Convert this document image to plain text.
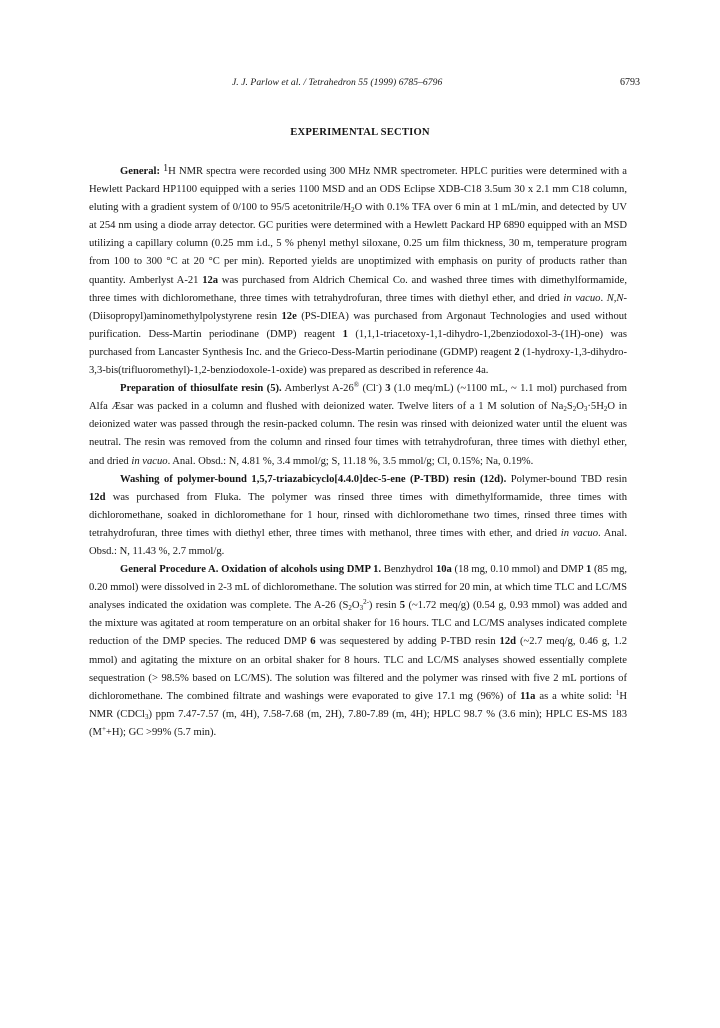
J. J. Parlow et al. / Tetrahedron 55 (1999) 6785–6796	6793
EXPERIMENTAL SECTION

General: $^1$H NMR spectra were recorded using 300 MHz NMR spectrometer. HPLC purities were determined with a Hewlett Packard HP1100 equipped with a series 1100 MSD and an ODS Eclipse XDB-C18 3.5um 30 x 2.1 mm C18 column, eluting with a gradient system of 0/100 to 95/5 acetonitrile/$H_2O$ with 0.1% TFA over 6 min at 1 mL/min, and detected by UV at 254 nm using a diode array detector. GC purities were determined with a Hewlett Packard HP 6890 equipped with an MSD utilizing a capillary column (0.25 mm i.d., 5 % phenyl methyl siloxane, 0.25 um film thickness, 30 m, temperature program from 100 to 300 °C at 20 °C per min). Reported yields are unoptimized with emphasis on purity of products rather than quantity. Amberlyst A-21 12a was purchased from Aldrich Chemical Co. and washed three times with dimethylformamide, three times with dichloromethane, three times with tetrahydrofuran, three times with diethyl ether, and dried in vacuo. N,N-(Diisopropyl)aminomethylpolystyrene resin 12e (PS-DIEA) was purchased from Argonaut Technologies and used without purification. Dess-Martin periodinane (DMP) reagent 1 (1,1,1-triacetoxy-1,1-dihydro-1,2benziodoxol-3-(1H)-one) was purchased from Lancaster Synthesis Inc. and the Grieco-Dess-Martin periodinane (GDMP) reagent 2 (1-hydroxy-1,3-dihydro-3,3-bis(trifluoromethyl)-1,2-benziodoxole-1-oxide) was prepared as described in reference 4a.

Preparation of thiosulfate resin (5). Amberlyst A-26® (Cl-) 3 (1.0 meq/mL) (~1100 mL, ~ 1.1 mol) purchased from Alfa Æsar was packed in a column and flushed with deionized water. Twelve liters of a 1 M solution of $Na_2S_2O_3\cdot 5H_2O$ in deionized water was passed through the resin-packed column. The resin was rinsed with deionized water until the eluent was neutral. The resin was removed from the column and rinsed four times with tetrahydrofuran, three times with diethyl ether, and dried in vacuo. Anal. Obsd.: N, 4.81 %, 3.4 mmol/g; S, 11.18 %, 3.5 mmol/g; Cl, 0.15%; Na, 0.19%.

Washing of polymer-bound 1,5,7-triazabicyclo[4.4.0]dec-5-ene (P-TBD) resin (12d). Polymer-bound TBD resin 12d was purchased from Fluka. The polymer was rinsed three times with dimethylformamide, three times with dichloromethane, soaked in dichloromethane for 1 hour, rinsed with dichloromethane two times, rinsed three times with tetrahydrofuran, three times with diethyl ether, three times with methanol, three times with ether, and dried in vacuo. Anal. Obsd.: N, 11.43 %, 2.7 mmol/g.

General Procedure A. Oxidation of alcohols using DMP 1. Benzhydrol 10a (18 mg, 0.10 mmol) and DMP 1 (85 mg, 0.20 mmol) were dissolved in 2-3 mL of dichloromethane. The solution was stirred for 20 min, at which time TLC and LC/MS analyses indicated the oxidation was complete. The A-26 $(S_2O_3^{2-})$ resin 5 (~1.72 meq/g) (0.54 g, 0.93 mmol) was added and the mixture was agitated at room temperature on an orbital shaker for 16 hours. TLC and LC/MS analyses indicated complete reduction of the DMP species. The reduced DMP 6 was sequestered by adding P-TBD resin 12d (~2.7 meq/g, 0.46 g, 1.2 mmol) and agitating the mixture on an orbital shaker for 8 hours. TLC and LC/MS analyses showed essentially complete sequestration (> 98.5% based on LC/MS). The solution was filtered and the polymer was rinsed with five 2 mL portions of dichloromethane. The combined filtrate and washings were evaporated to give 17.1 mg (96%) of 11a as a white solid: $^1$H NMR (CDCl$_3$) ppm 7.47-7.57 (m, 4H), 7.58-7.68 (m, 2H), 7.80-7.89 (m, 4H); HPLC 98.7 % (3.6 min); HPLC ES-MS 183 (M++H); GC >99% (5.7 min).
